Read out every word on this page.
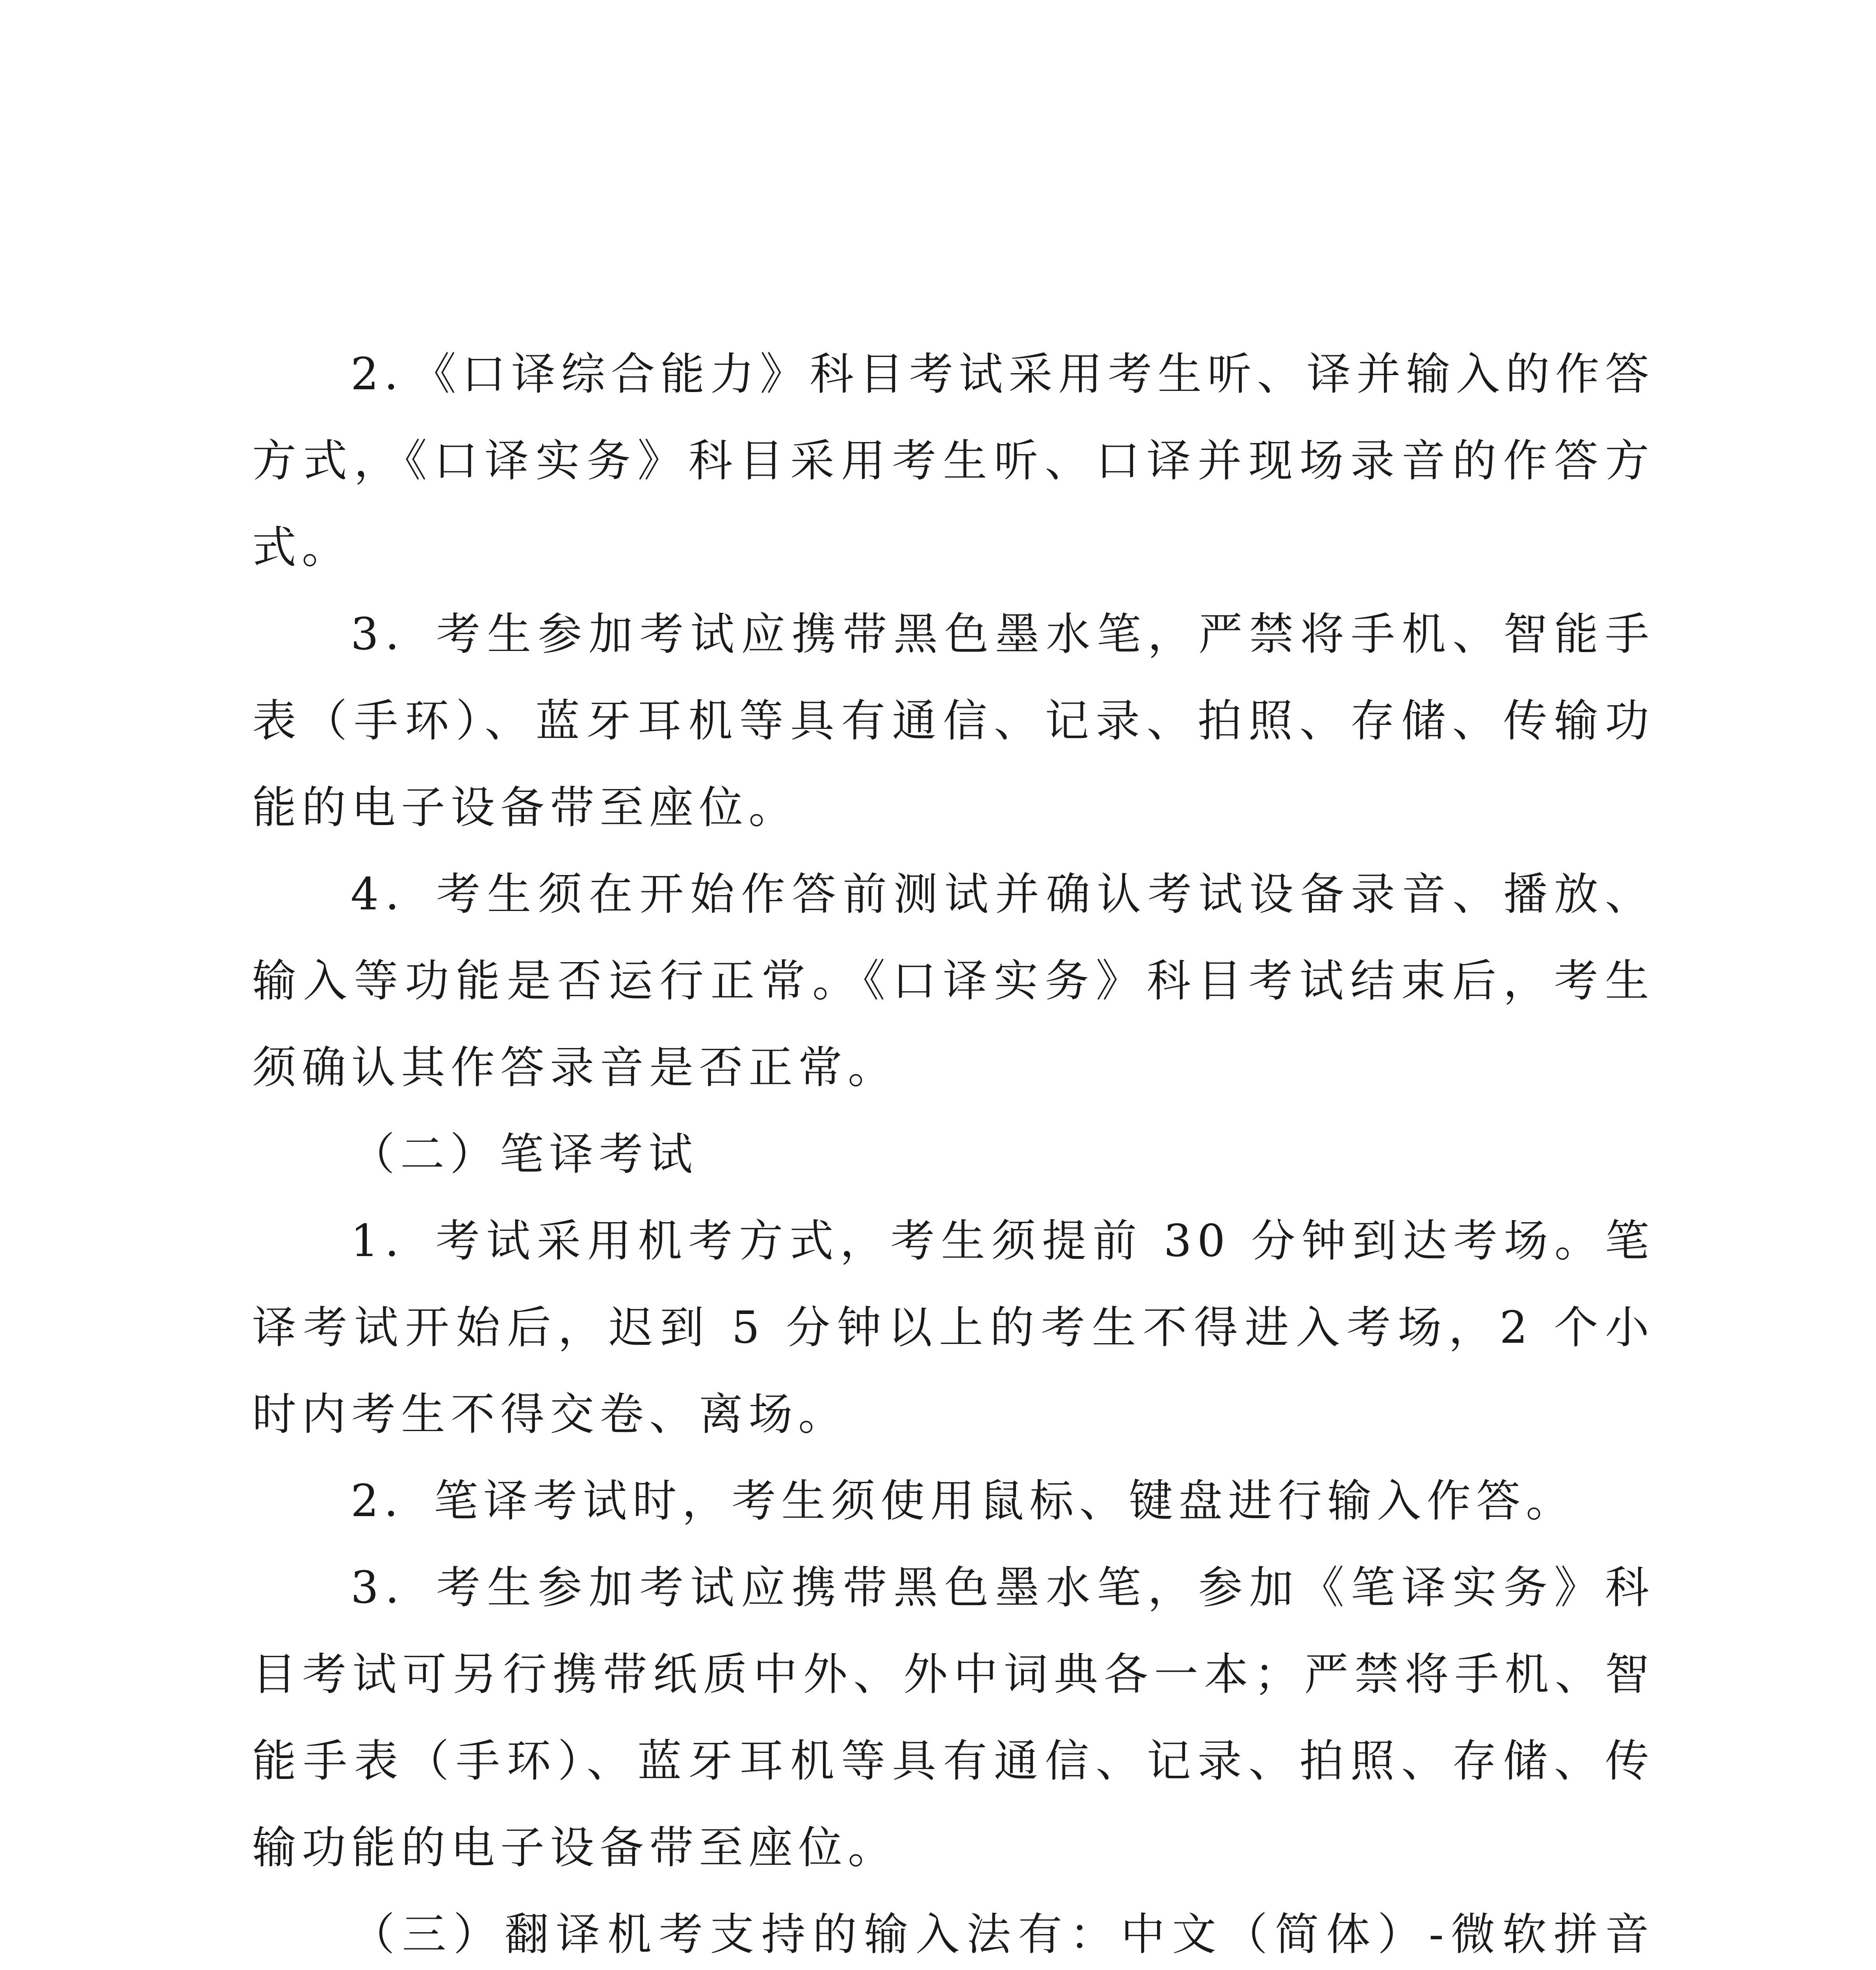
2．《口译综合能力》科目考试采用考生听、译并输入的作答方式，《口译实务》科目采用考生听、口译并现场录音的作答方式。

3．考生参加考试应携带黑色墨水笔，严禁将手机、智能手表（手环）、蓝牙耳机等具有通信、记录、拍照、存储、传输功能的电子设备带至座位。

4．考生须在开始作答前测试并确认考试设备录音、播放、输入等功能是否运行正常。《口译实务》科目考试结束后，考生须确认其作答录音是否正常。

（二）笔译考试

1．考试采用机考方式，考生须提前 30 分钟到达考场。笔译考试开始后，迟到 5 分钟以上的考生不得进入考场，2 个小时内考生不得交卷、离场。

2．笔译考试时，考生须使用鼠标、键盘进行输入作答。

3．考生参加考试应携带黑色墨水笔，参加《笔译实务》科目考试可另行携带纸质中外、外中词典各一本；严禁将手机、智能手表（手环）、蓝牙耳机等具有通信、记录、拍照、存储、传输功能的电子设备带至座位。

（三）翻译机考支持的输入法有：中文（简体）-微软拼音
